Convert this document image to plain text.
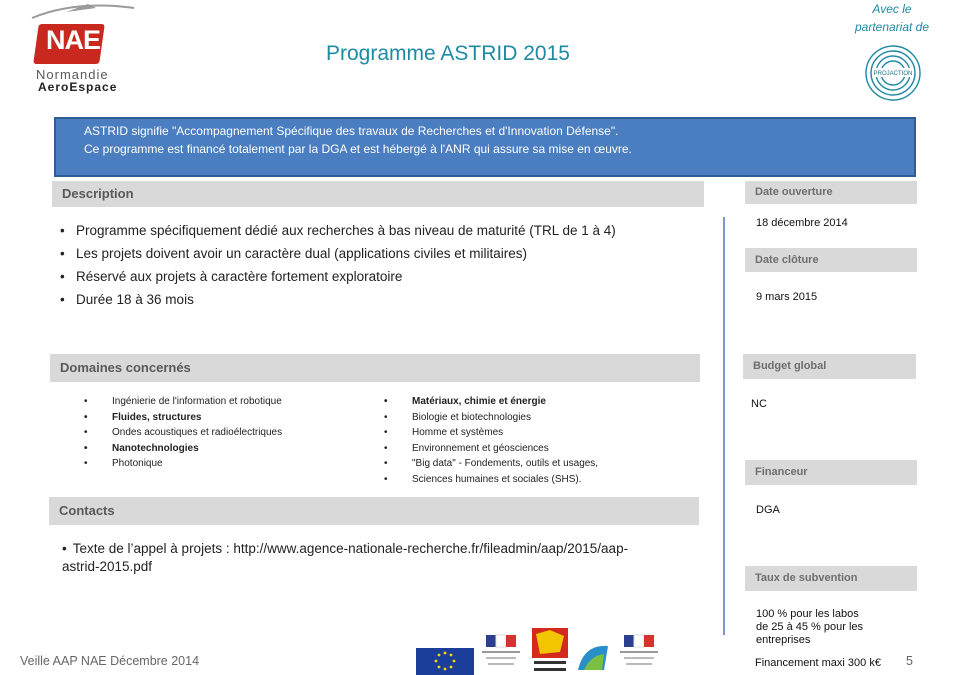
NAE
Normandie
AeroEspace
Programme ASTRID 2015
Avec le
partenariat de
PROJACTION
ASTRID signifie "Accompagnement Spécifique des travaux de Recherches et d'Innovation Défense".
Ce programme est financé totalement par la DGA et est hébergé à l'ANR qui assure sa mise en œuvre.
Description
• Programme spécifiquement dédié aux recherches à bas niveau de maturité (TRL de 1 à 4)
• Les projets doivent avoir un caractère dual (applications civiles et militaires)
• Réservé aux projets à caractère fortement exploratoire
• Durée 18 à 36 mois
Domaines concernés
• Ingénierie de l'information et robotique
• Fluides, structures
• Ondes acoustiques et radioélectriques
• Nanotechnologies
• Photonique
• Matériaux, chimie et énergie
• Biologie et biotechnologies
• Homme et systèmes
• Environnement et géosciences
• "Big data" - Fondements, outils et usages,
• Sciences humaines et sociales (SHS).
Contacts
• Texte de l’appel à projets : http://www.agence-nationale-recherche.fr/fileadmin/aap/2015/aap-
astrid-2015.pdf
Date ouverture
18 décembre 2014
Date clôture
9 mars 2015
Budget global
NC
Financeur
DGA
Taux de subvention
100 % pour les labos
de 25 à 45 % pour les
entreprises
Financement maxi 300 k€
Veille AAP NAE Décembre 2014	5
